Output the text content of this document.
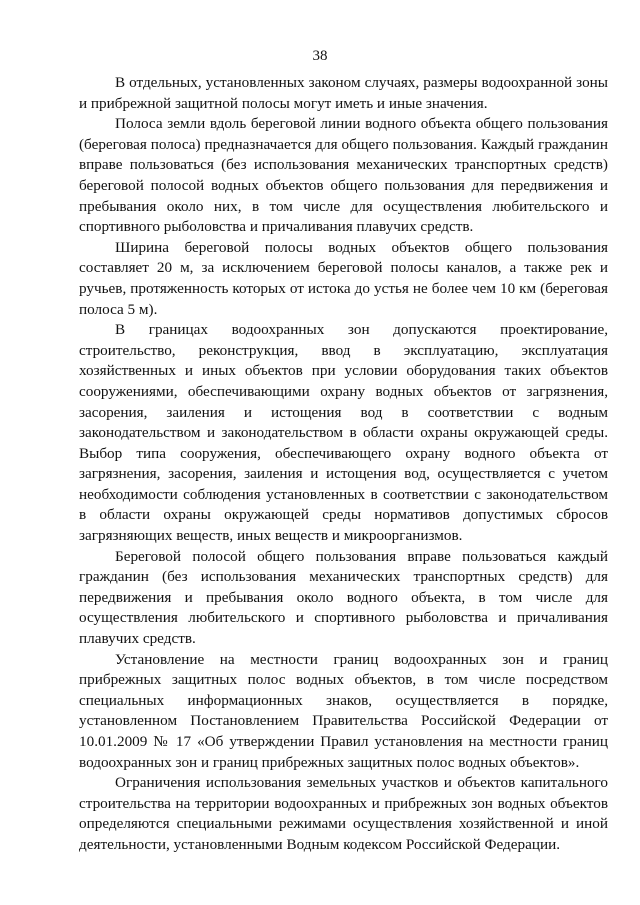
38

В отдельных, установленных законом случаях, размеры водоохранной зоны и прибрежной защитной полосы могут иметь и иные значения.

Полоса земли вдоль береговой линии водного объекта общего пользования (береговая полоса) предназначается для общего пользования. Каждый гражданин вправе пользоваться (без использования механических транспортных средств) береговой полосой водных объектов общего пользования для передвижения и пребывания около них, в том числе для осуществления любительского и спортивного рыболовства и причаливания плавучих средств.

Ширина береговой полосы водных объектов общего пользования составляет 20 м, за исключением береговой полосы каналов, а также рек и ручьев, протяженность которых от истока до устья не более чем 10 км (береговая полоса 5 м).

В границах водоохранных зон допускаются проектирование, строительство, реконструкция, ввод в эксплуатацию, эксплуатация хозяйственных и иных объектов при условии оборудования таких объектов сооружениями, обеспечивающими охрану водных объектов от загрязнения, засорения, заиления и истощения вод в соответствии с водным законодательством и законодательством в области охраны окружающей среды. Выбор типа сооружения, обеспечивающего охрану водного объекта от загрязнения, засорения, заиления и истощения вод, осуществляется с учетом необходимости соблюдения установленных в соответствии с законодательством в области охраны окружающей среды нормативов допустимых сбросов загрязняющих веществ, иных веществ и микроорганизмов.

Береговой полосой общего пользования вправе пользоваться каждый гражданин (без использования механических транспортных средств) для передвижения и пребывания около водного объекта, в том числе для осуществления любительского и спортивного рыболовства и причаливания плавучих средств.

Установление на местности границ водоохранных зон и границ прибрежных защитных полос водных объектов, в том числе посредством специальных информационных знаков, осуществляется в порядке, установленном Постановлением Правительства Российской Федерации от 10.01.2009 № 17 «Об утверждении Правил установления на местности границ водоохранных зон и границ прибрежных защитных полос водных объектов».

Ограничения использования земельных участков и объектов капитального строительства на территории водоохранных и прибрежных зон водных объектов определяются специальными режимами осуществления хозяйственной и иной деятельности, установленными Водным кодексом Российской Федерации.
